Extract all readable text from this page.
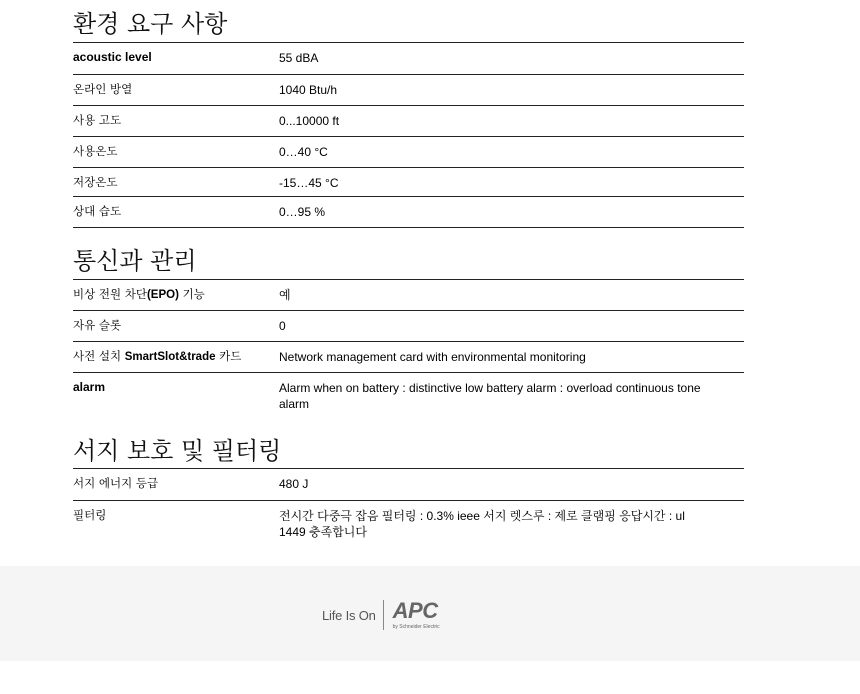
환경 요구 사항
acoustic level	55 dBA
온라인 방열	1040 Btu/h
사용 고도	0...10000 ft
사용온도	0…40 °C
저장온도	-15…45 °C
상대 습도	0…95 %
통신과 관리
비상 전원 차단(EPO) 기능	예
자유 슬롯	0
사전 설치 SmartSlot&trade 카드	Network management card with environmental monitoring
alarm	Alarm when on battery : distinctive low battery alarm : overload continuous tone alarm
서지 보호 및 필터링
서지 에너지 등급	480 J
필터링	전시간 다중극 잡음 필터링 : 0.3% ieee 서지 렛스루 : 제로 클램핑 응답시간 : ul 1449 충족합니다
Life Is On APC
by Schneider Electric
